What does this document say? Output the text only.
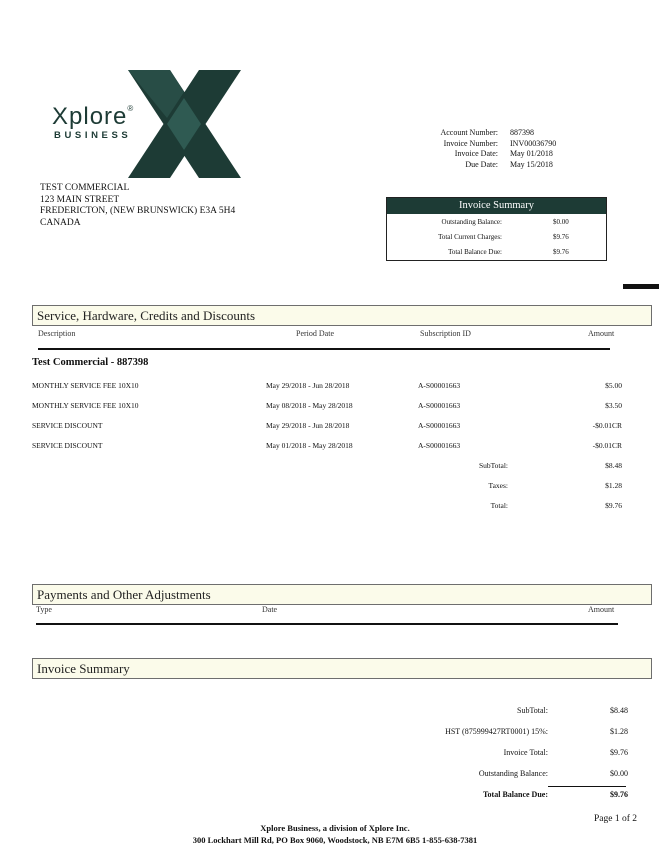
Xplore®
BUSINESS	Account Number: 887398
Invoice Number: INV00036790
Invoice Date: May 01/2018
Due Date: May 15/2018
TEST COMMERCIAL
123 MAIN STREET
FREDERICTON, (NEW BRUNSWICK) E3A 5H4
CANADA
Invoice Summary
Outstanding Balance:	$0.00
Total Current Charges:	$9.76
Total Balance Due:	$9.76
Service, Hardware, Credits and Discounts
Description	Period Date	Subscription ID	Amount
Test Commercial - 887398
MONTHLY SERVICE FEE 10X10	May 29/2018 - Jun 28/2018	A-S00001663	$5.00
MONTHLY SERVICE FEE 10X10	May 08/2018 - May 28/2018	A-S00001663	$3.50
SERVICE DISCOUNT	May 29/2018 - Jun 28/2018	A-S00001663	-$0.01CR
SERVICE DISCOUNT	May 01/2018 - May 28/2018	A-S00001663	-$0.01CR
SubTotal:	$8.48
Taxes:	$1.28
Total:	$9.76
Payments and Other Adjustments
Type	Date	Amount
Invoice Summary
SubTotal:	$8.48
HST (875999427RT0001) 15%:	$1.28
Invoice Total:	$9.76
Outstanding Balance:	$0.00
Total Balance Due:	$9.76
Page 1 of 2
Xplore Business, a division of Xplore Inc.
300 Lockhart Mill Rd, PO Box 9060, Woodstock, NB E7M 6B5 1-855-638-7381
